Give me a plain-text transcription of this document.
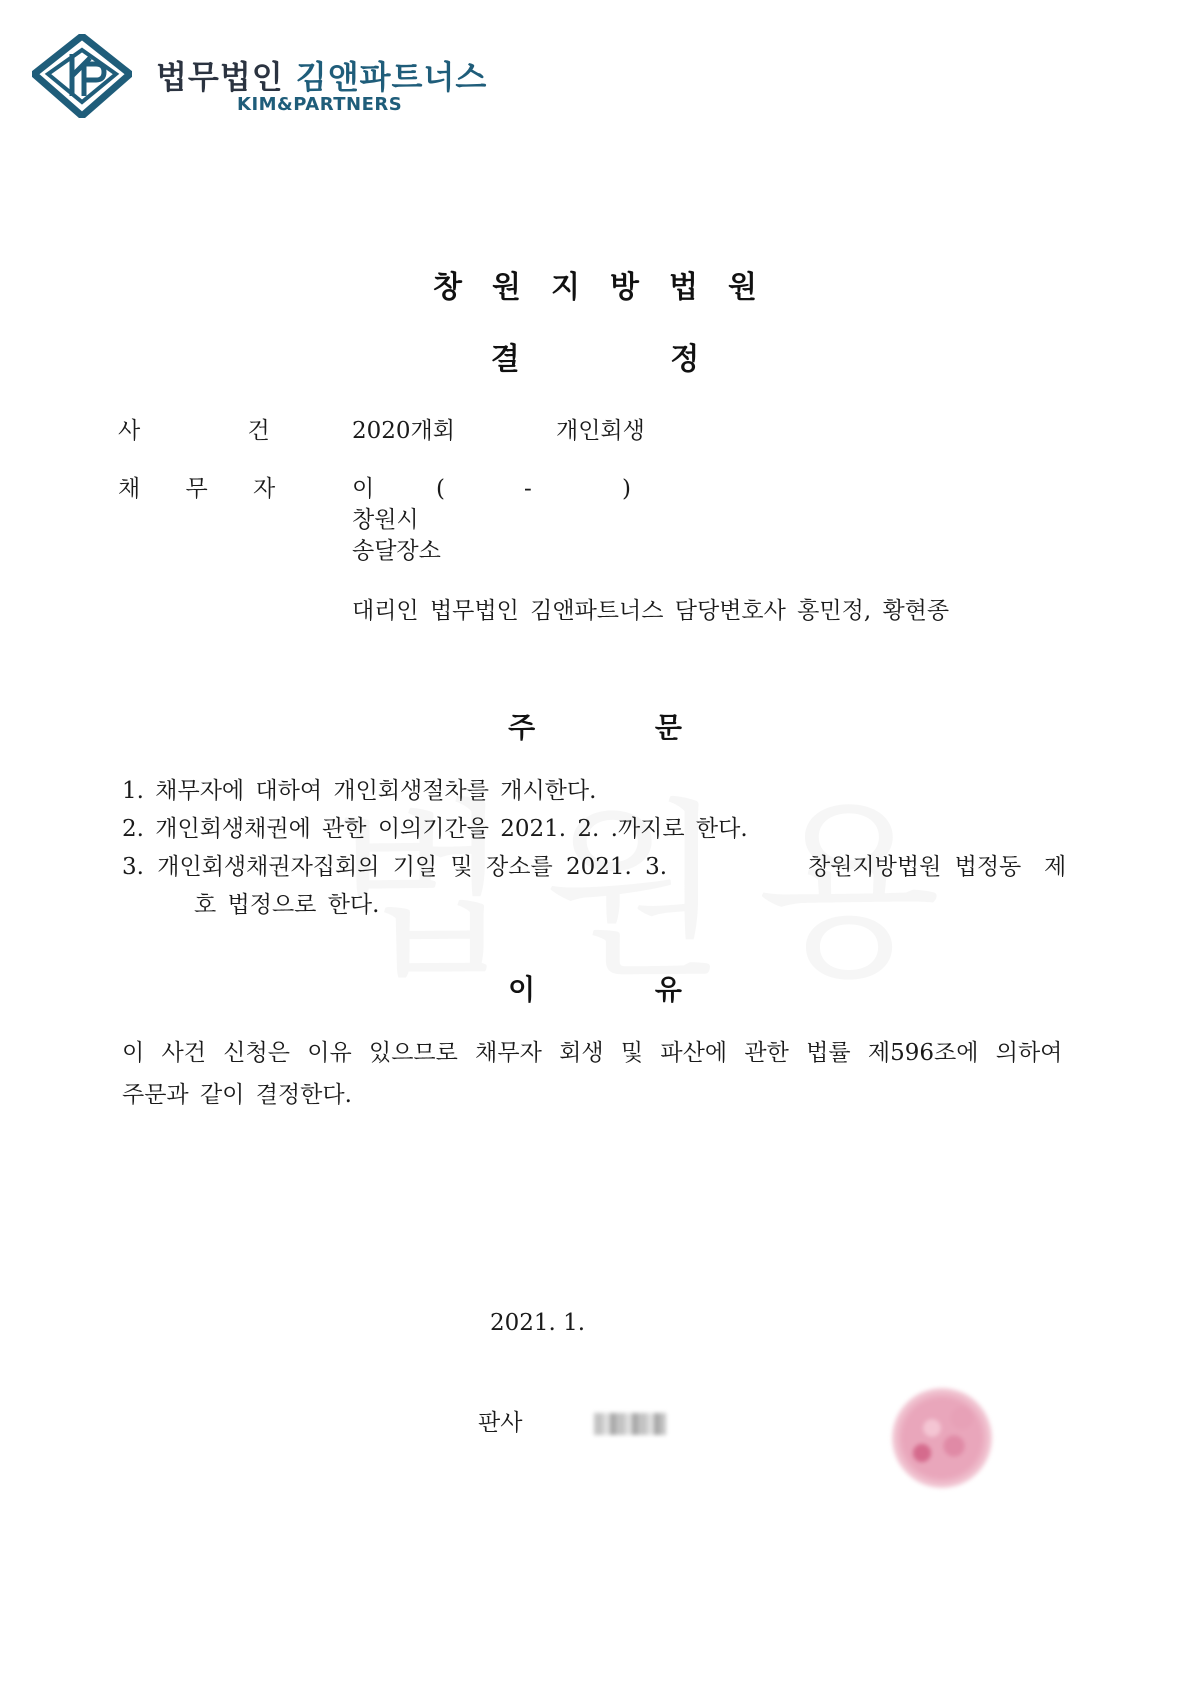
법무법인 김앤파트너스
KIM&PARTNERS
창원지방법원
결 정
사 건	2020개회	개인회생
채 무 자	이	(	-	)
창원시
송달장소
대리인 법무법인 김앤파트너스 담당변호사 홍민정, 황현종
주 문
1. 채무자에 대하여 개인회생절차를 개시한다.
2. 개인회생채권에 관한 이의기간을 2021. 2. .까지로 한다.
3. 개인회생채권자집회의 기일 및 장소를 2021. 3.	창원지방법원 법정동 제
호 법정으로 한다.
이 유
이 사건 신청은 이유 있으므로 채무자 회생 및 파산에 관한 법률 제596조에 의하여
주문과 같이 결정한다.
2021. 1.
판사
